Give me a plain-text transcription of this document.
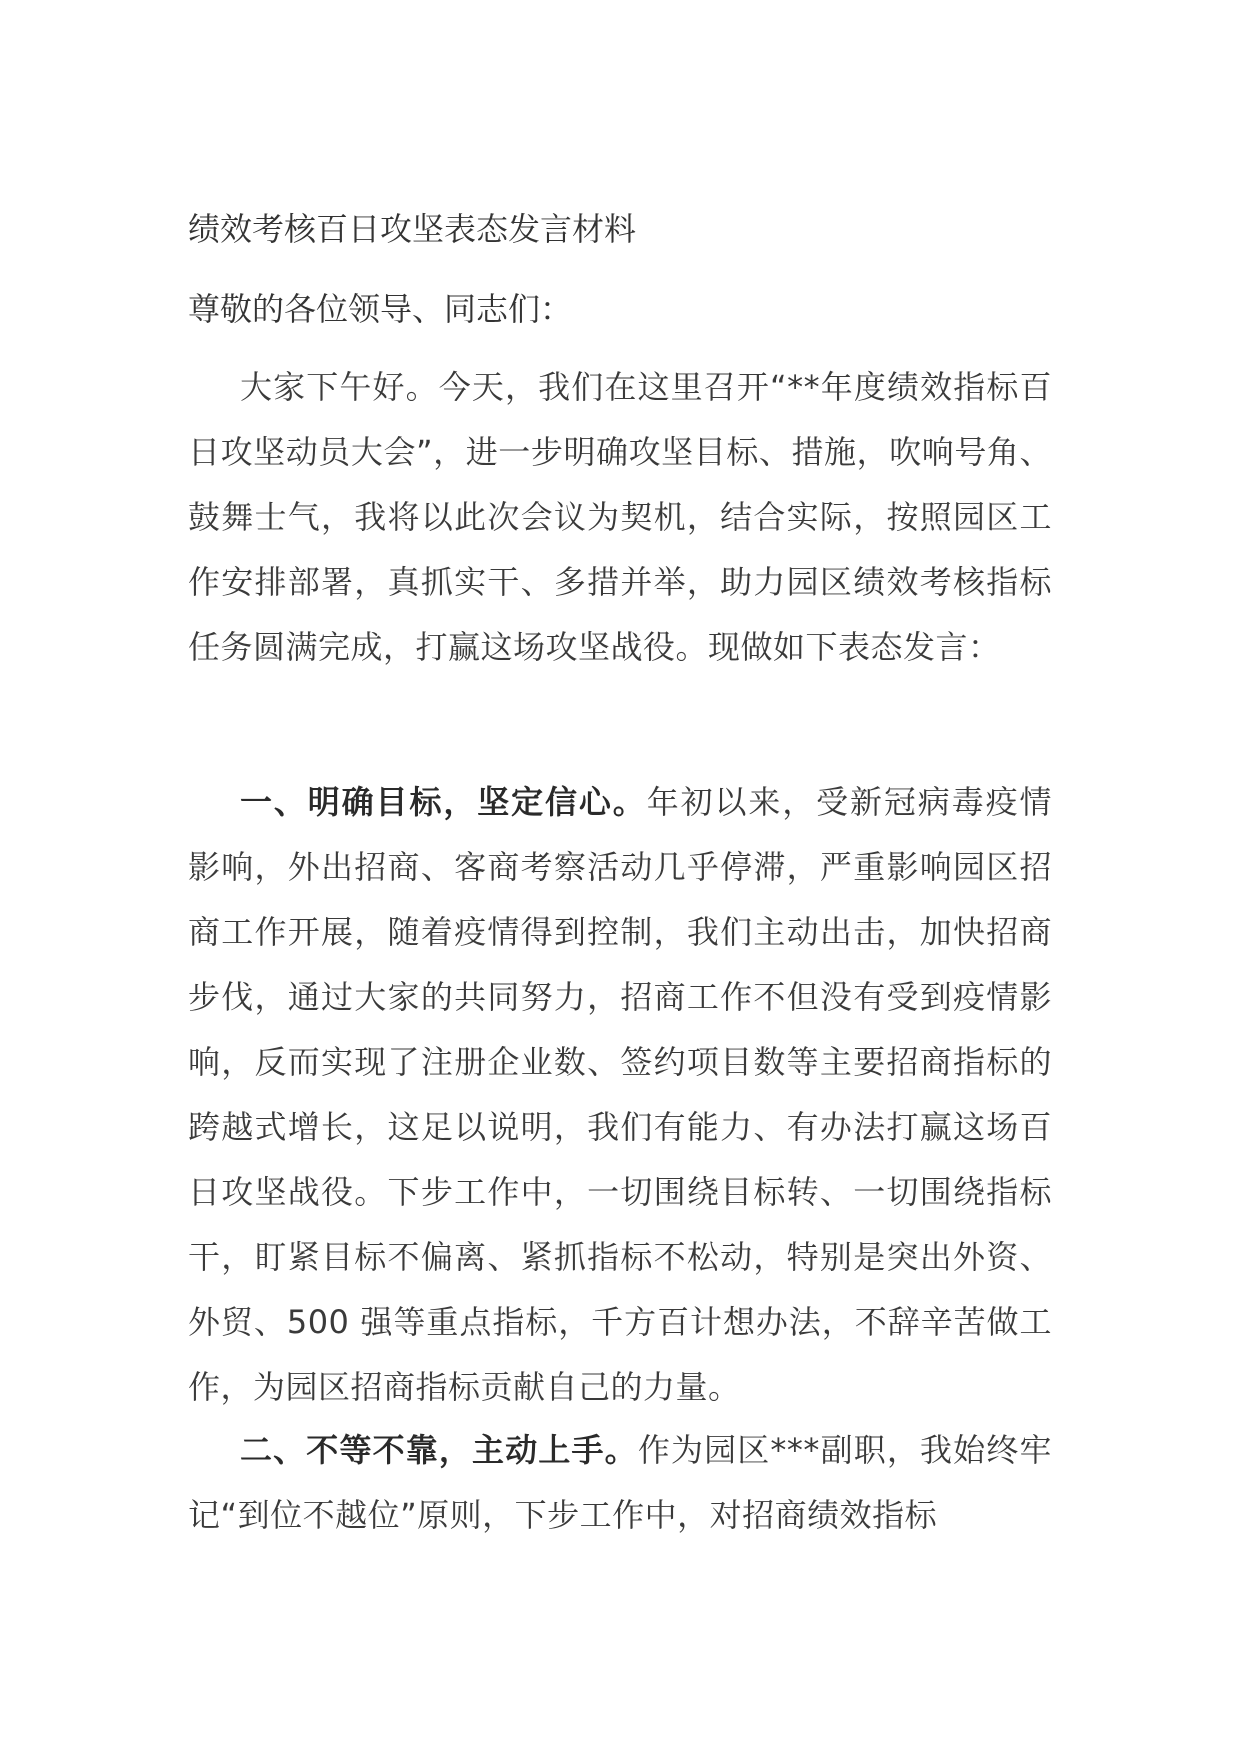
绩效考核百日攻坚表态发言材料

尊敬的各位领导、同志们：

大家下午好。今天，我们在这里召开“**年度绩效指标百日攻坚动员大会”，进一步明确攻坚目标、措施，吹响号角、鼓舞士气，我将以此次会议为契机，结合实际，按照园区工作安排部署，真抓实干、多措并举，助力园区绩效考核指标任务圆满完成，打赢这场攻坚战役。现做如下表态发言：

一、明确目标，坚定信心。年初以来，受新冠病毒疫情影响，外出招商、客商考察活动几乎停滞，严重影响园区招商工作开展，随着疫情得到控制，我们主动出击，加快招商步伐，通过大家的共同努力，招商工作不但没有受到疫情影响，反而实现了注册企业数、签约项目数等主要招商指标的跨越式增长，这足以说明，我们有能力、有办法打赢这场百日攻坚战役。下步工作中，一切围绕目标转、一切围绕指标干，盯紧目标不偏离、紧抓指标不松动，特别是突出外资、外贸、500 强等重点指标，千方百计想办法，不辞辛苦做工作，为园区招商指标贡献自己的力量。

二、不等不靠，主动上手。作为园区***副职，我始终牢记“到位不越位”原则，下步工作中，对招商绩效指标
